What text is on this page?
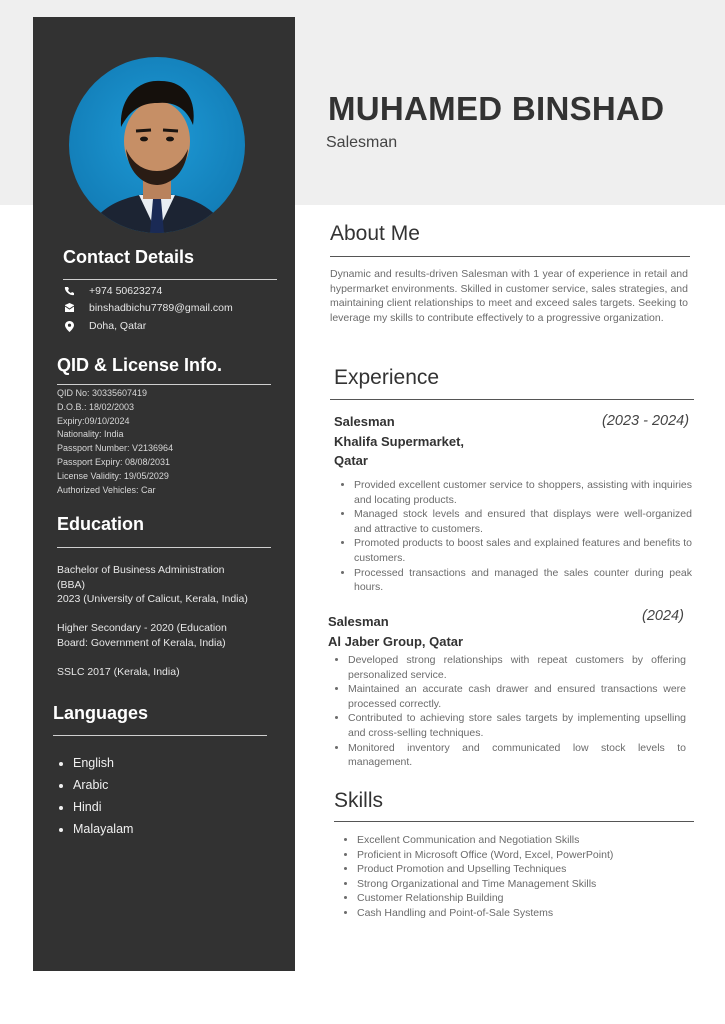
Contact Details
+974 50623274
binshadbichu7789@gmail.com
Doha, Qatar
QID & License Info.
QID No: 30335607419
D.O.B.: 18/02/2003
Expiry:09/10/2024
Nationality: India
Passport Number: V2136964
Passport Expiry: 08/08/2031
License Validity: 19/05/2029
Authorized Vehicles: Car
Education
Bachelor of Business Administration
(BBA)
2023 (University of Calicut, Kerala, India)
Higher Secondary - 2020 (Education
Board: Government of Kerala, India)
SSLC 2017 (Kerala, India)
Languages
• English
• Arabic
• Hindi
• Malayalam
MUHAMED BINSHAD
Salesman
About Me
Dynamic and results-driven Salesman with 1 year of experience in retail and hypermarket environments. Skilled in customer service, sales strategies, and maintaining client relationships to meet and exceed sales targets. Seeking to leverage my skills to contribute effectively to a progressive organization.
Experience
Salesman	(2023 - 2024)
Khalifa Supermarket,
Qatar
• Provided excellent customer service to shoppers, assisting with inquiries and locating products.
• Managed stock levels and ensured that displays were well-organized and attractive to customers.
• Promoted products to boost sales and explained features and benefits to customers.
• Processed transactions and managed the sales counter during peak hours.
Salesman	(2024)
Al Jaber Group, Qatar
• Developed strong relationships with repeat customers by offering personalized service.
• Maintained an accurate cash drawer and ensured transactions were processed correctly.
• Contributed to achieving store sales targets by implementing upselling and cross-selling techniques.
• Monitored inventory and communicated low stock levels to management.
Skills
• Excellent Communication and Negotiation Skills
• Proficient in Microsoft Office (Word, Excel, PowerPoint)
• Product Promotion and Upselling Techniques
• Strong Organizational and Time Management Skills
• Customer Relationship Building
• Cash Handling and Point-of-Sale Systems
